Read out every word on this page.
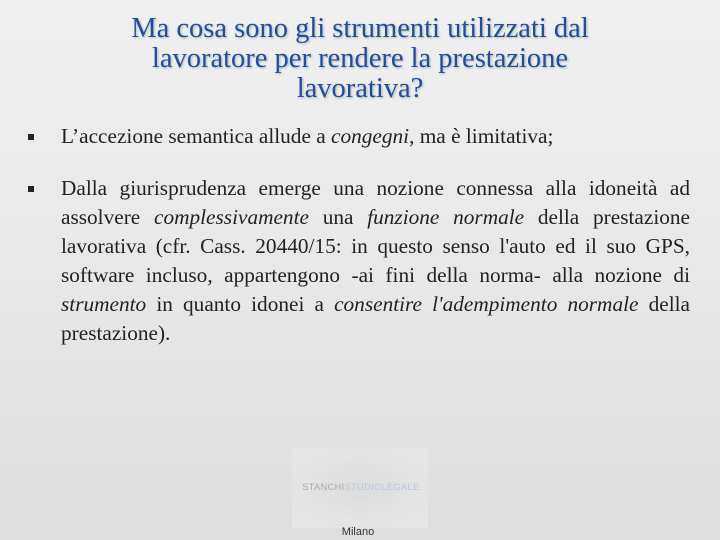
Ma cosa sono gli strumenti utilizzati dal
lavoratore per rendere la prestazione
lavorativa?
L’accezione semantica allude a congegni, ma è limitativa;
Dalla giurisprudenza emerge una nozione connessa alla idoneità ad assolvere complessivamente una funzione normale della prestazione lavorativa (cfr. Cass. 20440/15: in questo senso l'auto ed il suo GPS, software incluso, appartengono -ai fini della norma- alla nozione di strumento in quanto idonei a consentire l'adempimento normale della prestazione).
STANCHISTUDIOLEGALE
Milano
